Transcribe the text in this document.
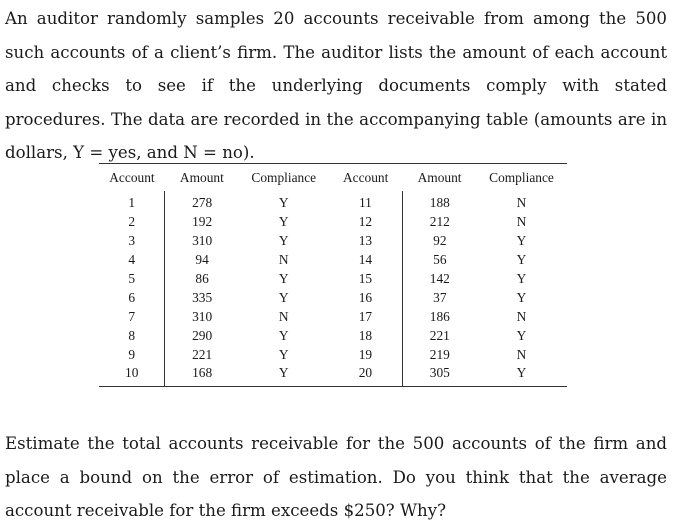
An auditor randomly samples 20 accounts receivable from among the 500 such accounts of a client’s firm. The auditor lists the amount of each account and checks to see if the underlying documents comply with stated procedures. The data are recorded in the accompanying table (amounts are in dollars, Y = yes, and N = no).

Account	Amount	Compliance	Account	Amount	Compliance
1	278	Y	11	188	N
2	192	Y	12	212	N
3	310	Y	13	92	Y
4	94	N	14	56	Y
5	86	Y	15	142	Y
6	335	Y	16	37	Y
7	310	N	17	186	N
8	290	Y	18	221	Y
9	221	Y	19	219	N
10	168	Y	20	305	Y

Estimate the total accounts receivable for the 500 accounts of the firm and place a bound on the error of estimation. Do you think that the average account receivable for the firm exceeds $250? Why?
